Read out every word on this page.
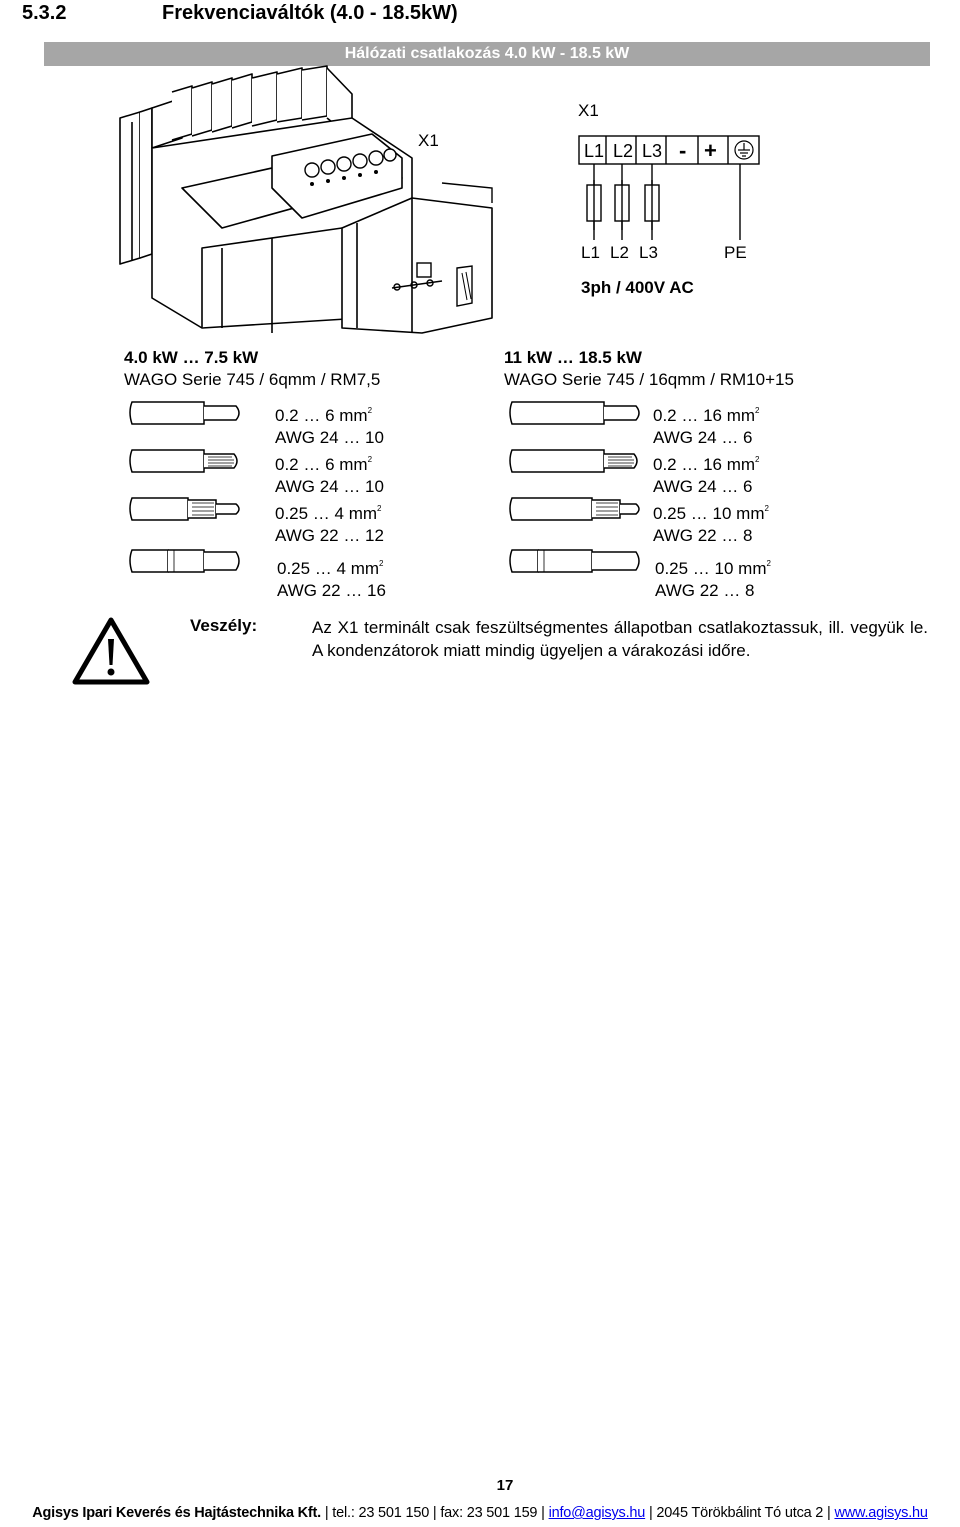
5.3.2	Frekvenciaváltók (4.0 - 18.5kW)
Hálózati csatlakozás 4.0 kW - 18.5 kW
X1
X1
L1 L2 L3 - +
L1 L2 L3	PE
3ph / 400V AC
4.0 kW … 7.5 kW
WAGO Serie 745 / 6qmm / RM7,5
11 kW … 18.5 kW
WAGO Serie 745 / 16qmm / RM10+15
0.2 … 6 $mm^2$
AWG 24 … 10
0.2 … 6 $mm^2$
AWG 24 … 10
0.25 … 4 $mm^2$
AWG 22 … 12
0.25 … 4 $mm^2$
AWG 22 … 16
0.2 … 16 $mm^2$
AWG 24 … 6
0.2 … 16 $mm^2$
AWG 24 … 6
0.25 … 10 $mm^2$
AWG 22 … 8
0.25 … 10 $mm^2$
AWG 22 … 8
Veszély:	Az X1 terminált csak feszültségmentes állapotban csatlakoztassuk, ill. vegyük le. A kondenzátorok miatt mindig ügyeljen a várakozási időre.
17
Agisys Ipari Keverés és Hajtástechnika Kft. | tel.: 23 501 150 | fax: 23 501 159 | info@agisys.hu | 2045 Törökbálint Tó utca 2 | www.agisys.hu
